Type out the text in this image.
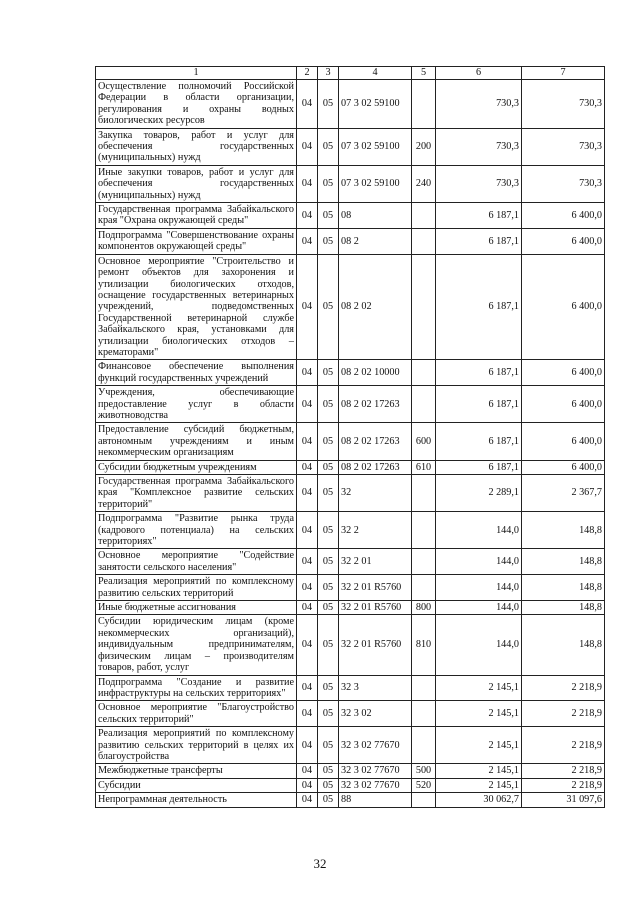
1	2	3	4	5	6	7
Осуществление полномочий Российской Федерации в области организации, регулирования и охраны водных биологических ресурсов	04	05	07 3 02 59100		730,3	730,3
Закупка товаров, работ и услуг для обеспечения государственных (муниципальных) нужд	04	05	07 3 02 59100	200	730,3	730,3
Иные закупки товаров, работ и услуг для обеспечения государственных (муниципальных) нужд	04	05	07 3 02 59100	240	730,3	730,3
Государственная программа Забайкальского края "Охрана окружающей среды"	04	05	08		6 187,1	6 400,0
Подпрограмма "Совершенствование охраны компонентов окружающей среды"	04	05	08 2		6 187,1	6 400,0
Основное мероприятие "Строительство и ремонт объектов для захоронения и утилизации биологических отходов, оснащение государственных ветеринарных учреждений, подведомственных Государственной ветеринарной службе Забайкальского края, установками для утилизации биологических отходов – крематорами"	04	05	08 2 02		6 187,1	6 400,0
Финансовое обеспечение выполнения функций государственных учреждений	04	05	08 2 02 10000		6 187,1	6 400,0
Учреждения, обеспечивающие предоставление услуг в области животноводства	04	05	08 2 02 17263		6 187,1	6 400,0
Предоставление субсидий бюджетным, автономным учреждениям и иным некоммерческим организациям	04	05	08 2 02 17263	600	6 187,1	6 400,0
Субсидии бюджетным учреждениям	04	05	08 2 02 17263	610	6 187,1	6 400,0
Государственная программа Забайкальского края "Комплексное развитие сельских территорий"	04	05	32		2 289,1	2 367,7
Подпрограмма "Развитие рынка труда (кадрового потенциала) на сельских территориях"	04	05	32 2		144,0	148,8
Основное мероприятие "Содействие занятости сельского населения"	04	05	32 2 01		144,0	148,8
Реализация мероприятий по комплексному развитию сельских территорий	04	05	32 2 01 R5760		144,0	148,8
Иные бюджетные ассигнования	04	05	32 2 01 R5760	800	144,0	148,8
Субсидии юридическим лицам (кроме некоммерческих организаций), индивидуальным предпринимателям, физическим лицам – производителям товаров, работ, услуг	04	05	32 2 01 R5760	810	144,0	148,8
Подпрограмма "Создание и развитие инфраструктуры на сельских территориях"	04	05	32 3		2 145,1	2 218,9
Основное мероприятие "Благоустройство сельских территорий"	04	05	32 3 02		2 145,1	2 218,9
Реализация мероприятий по комплексному развитию сельских территорий в целях их благоустройства	04	05	32 3 02 77670		2 145,1	2 218,9
Межбюджетные трансферты	04	05	32 3 02 77670	500	2 145,1	2 218,9
Субсидии	04	05	32 3 02 77670	520	2 145,1	2 218,9
Непрограммная деятельность	04	05	88		30 062,7	31 097,6
32
